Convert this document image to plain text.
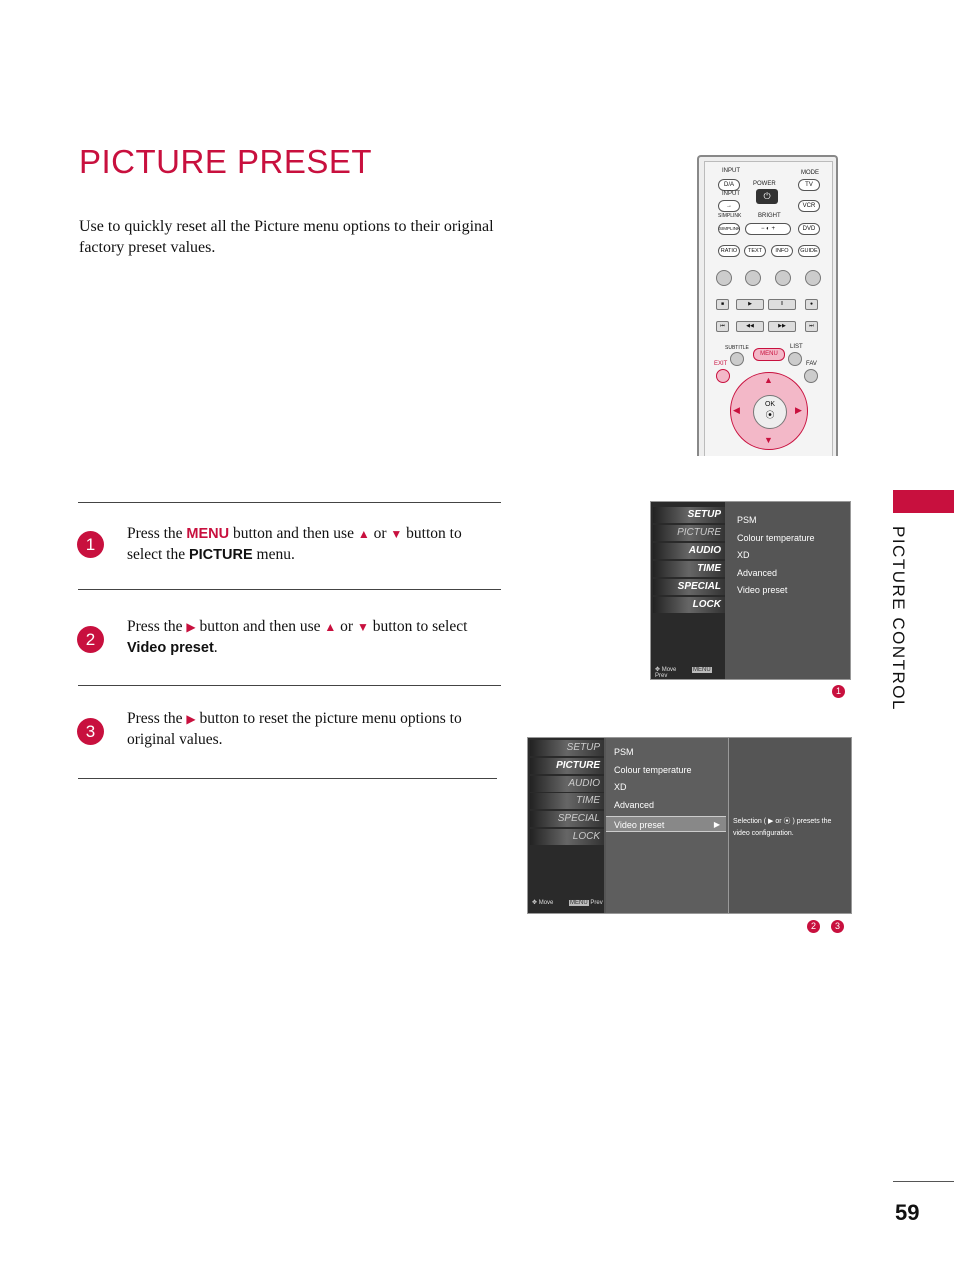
PICTURE PRESET
Use to quickly reset all the Picture menu options to their original factory preset values.
INPUT
D/A	POWER
⏻
MODE
TV
INPUT
→	VCR
SIMPLINK	BRIGHT
SIMPLINK	− ◐ +	DVD
RATIO	TEXT	INFO	GUIDE
■	▶	‖	●
⏮	◀◀	▶▶	⏭
SUBTITLE
MENU
LIST
EXIT	FAV
▲
▼
◀	▶
OK
⦿
1
Press the MENU button and then use ▲ or ▼ button to select the PICTURE menu.
2
Press the ▶ button and then use ▲ or ▼ button to select Video preset.
3
Press the ▶ button to reset the picture menu options to original values.
SETUP
PICTURE
AUDIO
TIME
SPECIAL
LOCK
✥ Move	MENU Prev
PSM
Colour temperature
XD
Advanced
Video preset
1
SETUP
PICTURE
AUDIO
TIME
SPECIAL
LOCK
✥ Move	MENU Prev
PSM
Colour temperature
XD
Advanced
Video preset	▶ Selection ( ▶ or ⦿ ) presets the video configuration.
2	3
PICTURE CONTROL
59
